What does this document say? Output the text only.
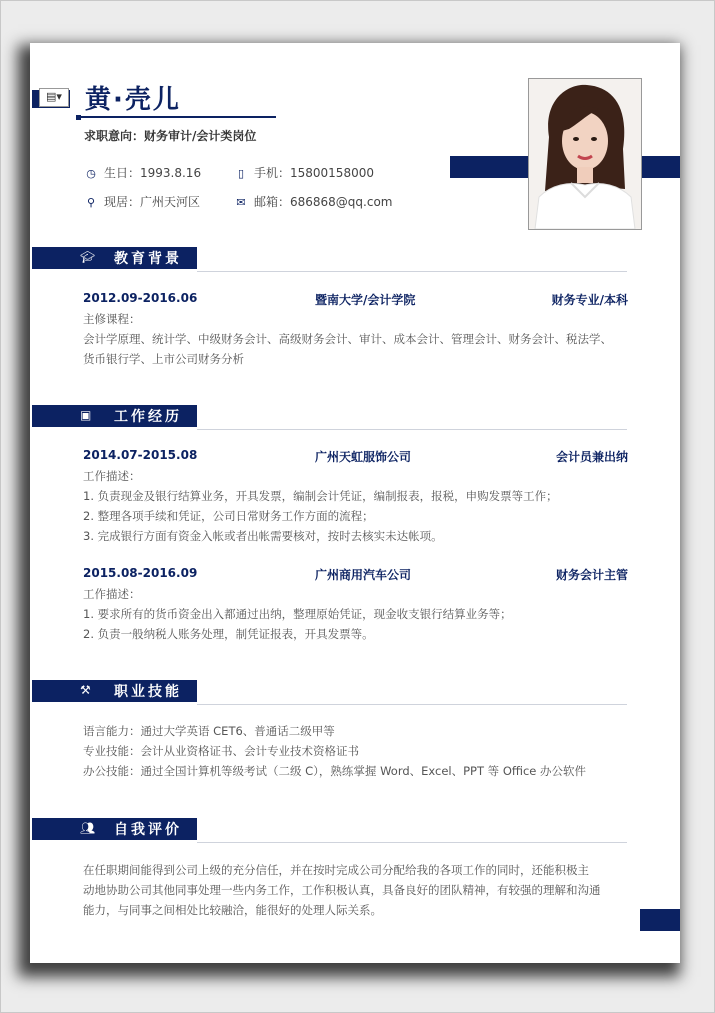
▤▾ 黄·壳儿
求职意向：财务审计/会计类岗位
◷ 生日：1993.8.16	▯ 手机：15800158000
⚲ 现居：广州天河区	✉ 邮箱：686868@qq.com
🎓︎ 教育背景
2012.09-2016.06	暨南大学/会计学院	财务专业/本科
主修课程：
会计学原理、统计学、中级财务会计、高级财务会计、审计、成本会计、管理会计、财务会计、税法学、
货币银行学、上市公司财务分析
▣ 工作经历
2014.07-2015.08	广州天虹服饰公司	会计员兼出纳
工作描述：
1. 负责现金及银行结算业务，开具发票，编制会计凭证，编制报表，报税，申购发票等工作；
2. 整理各项手续和凭证，公司日常财务工作方面的流程；
3. 完成银行方面有资金入帐或者出帐需要核对，按时去核实未达帐项。
2015.08-2016.09	广州商用汽车公司	财务会计主管
工作描述：
1. 要求所有的货币资金出入都通过出纳，整理原始凭证，现金收支银行结算业务等；
2. 负责一般纳税人账务处理，制凭证报表，开具发票等。
⚒ 职业技能
语言能力：通过大学英语 CET6、普通话二级甲等
专业技能：会计从业资格证书、会计专业技术资格证书
办公技能：通过全国计算机等级考试（二级 C），熟练掌握 Word、Excel、PPT 等 Office 办公软件
👥︎ 自我评价
在任职期间能得到公司上级的充分信任，并在按时完成公司分配给我的各项工作的同时，还能积极主
动地协助公司其他同事处理一些内务工作，工作积极认真，具备良好的团队精神，有较强的理解和沟通
能力，与同事之间相处比较融洽，能很好的处理人际关系。
